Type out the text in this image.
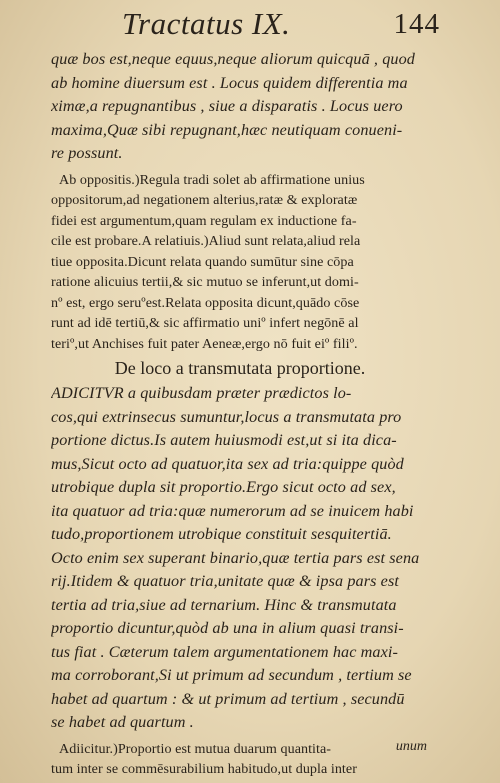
Tractatus IX.	144
quæ bos est,neque equus,neque aliorum quicquā , quod
ab homine diuersum est . Locus quidem differentia ma
ximæ,a repugnantibus , siue a disparatis . Locus uero
maxima,Quæ sibi repugnant,hæc neutiquam conueni-
re possunt.
Ab oppositis.)Regula tradi solet ab affirmatione unius
oppositorum,ad negationem alterius,ratæ & exploratæ
fidei est argumentum,quam regulam ex inductione fa-
cile est probare.A relatiuis.)Aliud sunt relata,aliud rela
tiue opposita.Dicunt relata quando sumūtur sine cōpa
ratione alicuius tertii,& sic mutuo se inferunt,ut domi-
nº est, ergo seruºest.Relata opposita dicunt,quādo cōse
runt ad idē tertiū,& sic affirmatio uniº infert negōnē al
teriº,ut Anchises fuit pater Aeneæ,ergo nō fuit eiº filiº.
De loco a transmutata proportione.
ADICITVR a quibusdam præter prædictos lo-
cos,qui extrinsecus sumuntur,locus a transmutata pro
portione dictus.Is autem huiusmodi est,ut si ita dica-
mus,Sicut octo ad quatuor,ita sex ad tria:quippe quòd
utrobique dupla sit proportio.Ergo sicut octo ad sex,
ita quatuor ad tria:quæ numerorum ad se inuicem habi
tudo,proportionem utrobique constituit sesquitertiā.
Octo enim sex superant binario,quæ tertia pars est sena
rij.Itidem & quatuor tria,unitate quæ & ipsa pars est
tertia ad tria,siue ad ternarium. Hinc & transmutata
proportio dicuntur,quòd ab una in alium quasi transi-
tus fiat . Cæterum talem argumentationem hac maxi-
ma corroborant,Si ut primum ad secundum , tertium se
habet ad quartum : & ut primum ad tertium , secundū
se habet ad quartum .
Adiicitur.)Proportio est mutua duarum quantita-
tum inter se commēsurabilium habitudo,ut dupla inter
unum
